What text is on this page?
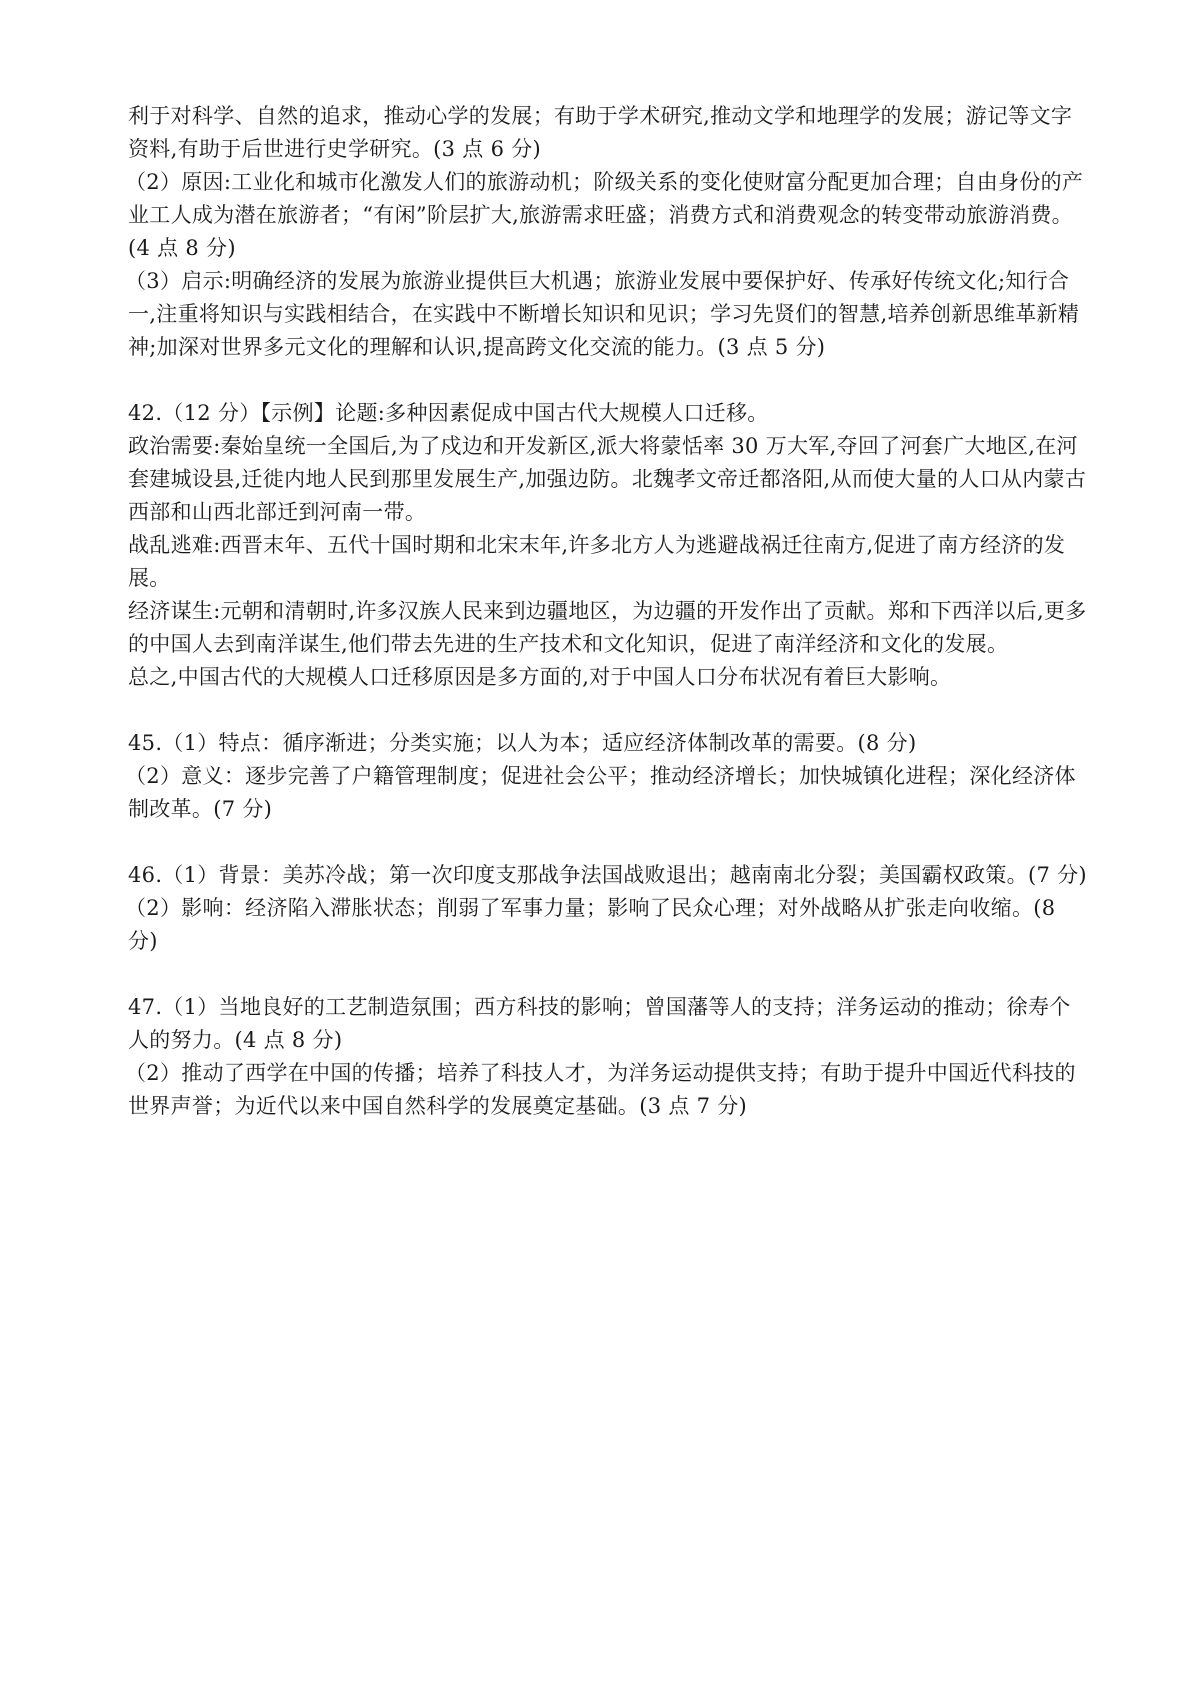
利于对科学、自然的追求，推动心学的发展；有助于学术研究,推动文学和地理学的发展；游记等文字资料,有助于后世进行史学研究。(3 点 6 分)

（2）原因:工业化和城市化激发人们的旅游动机；阶级关系的变化使财富分配更加合理；自由身份的产业工人成为潜在旅游者；“有闲”阶层扩大,旅游需求旺盛；消费方式和消费观念的转变带动旅游消费。(4 点 8 分)

（3）启示:明确经济的发展为旅游业提供巨大机遇；旅游业发展中要保护好、传承好传统文化;知行合一,注重将知识与实践相结合，在实践中不断增长知识和见识；学习先贤们的智慧,培养创新思维革新精神;加深对世界多元文化的理解和认识,提高跨文化交流的能力。(3 点 5 分)

42.（12 分）【示例】论题:多种因素促成中国古代大规模人口迁移。

政治需要:秦始皇统一全国后,为了戍边和开发新区,派大将蒙恬率 30 万大军,夺回了河套广大地区,在河套建城设县,迁徙内地人民到那里发展生产,加强边防。北魏孝文帝迁都洛阳,从而使大量的人口从内蒙古西部和山西北部迁到河南一带。

战乱逃难:西晋末年、五代十国时期和北宋末年,许多北方人为逃避战祸迁往南方,促进了南方经济的发展。

经济谋生:元朝和清朝时,许多汉族人民来到边疆地区，为边疆的开发作出了贡献。郑和下西洋以后,更多的中国人去到南洋谋生,他们带去先进的生产技术和文化知识，促进了南洋经济和文化的发展。

总之,中国古代的大规模人口迁移原因是多方面的,对于中国人口分布状况有着巨大影响。

45.（1）特点：循序渐进；分类实施；以人为本；适应经济体制改革的需要。(8 分)

（2）意义：逐步完善了户籍管理制度；促进社会公平；推动经济增长；加快城镇化进程；深化经济体制改革。(7 分)

46.（1）背景：美苏冷战；第一次印度支那战争法国战败退出；越南南北分裂；美国霸权政策。(7 分)

（2）影响：经济陷入滞胀状态；削弱了军事力量；影响了民众心理；对外战略从扩张走向收缩。(8 分)

47.（1）当地良好的工艺制造氛围；西方科技的影响；曾国藩等人的支持；洋务运动的推动；徐寿个人的努力。(4 点 8 分)

（2）推动了西学在中国的传播；培养了科技人才，为洋务运动提供支持；有助于提升中国近代科技的世界声誉；为近代以来中国自然科学的发展奠定基础。(3 点 7 分)
